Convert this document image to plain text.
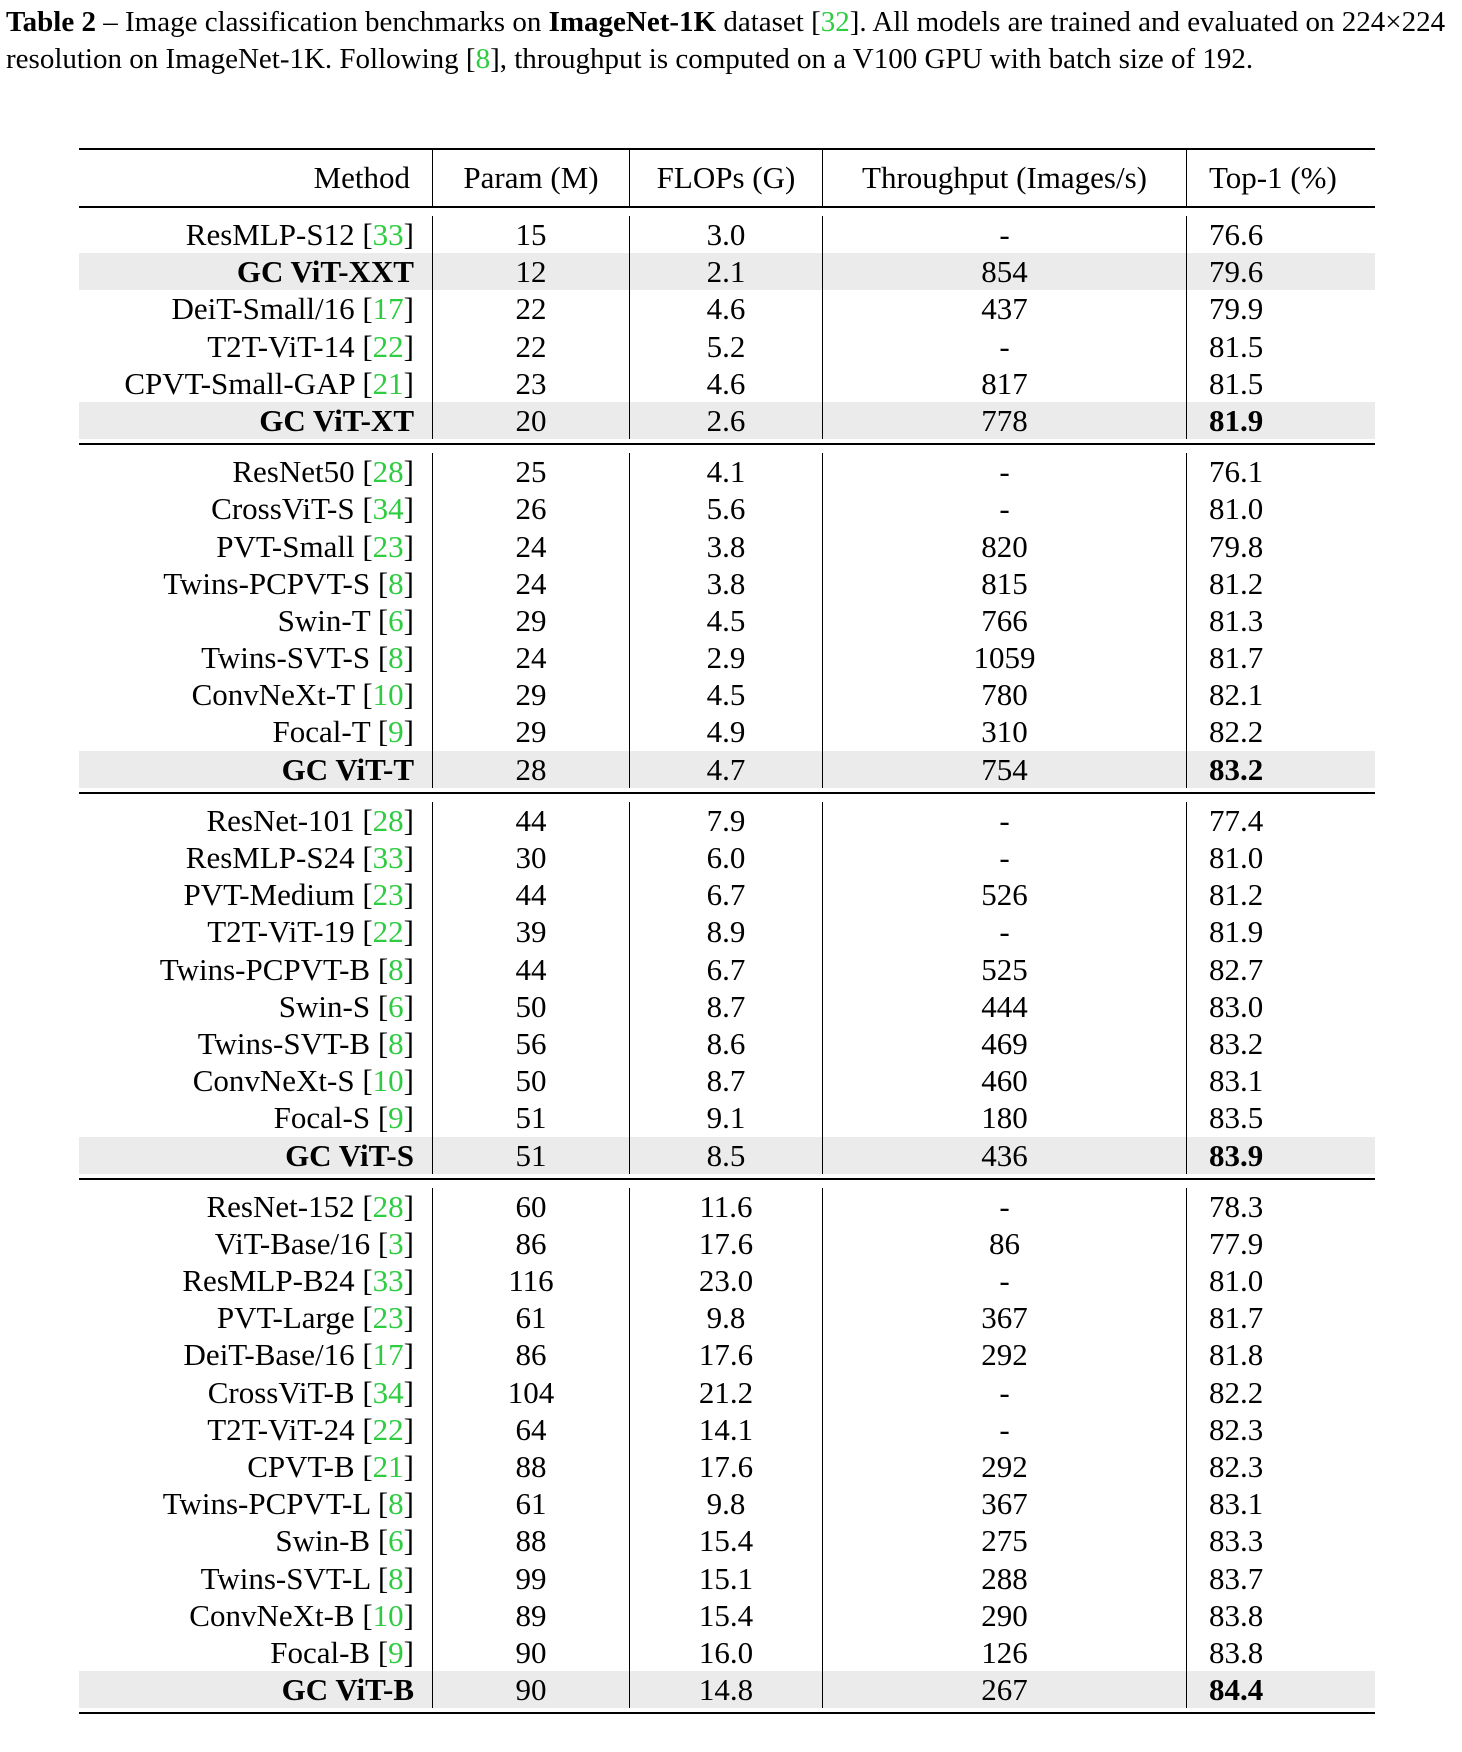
Table 2 – Image classification benchmarks on ImageNet-1K dataset [32]. All models are trained and evaluated on 224×224 resolution on ImageNet-1K. Following [8], throughput is computed on a V100 GPU with batch size of 192.
Method	Param (M)	FLOPs (G)	Throughput (Images/s)	Top-1 (%)
ResMLP-S12 [33]	15	3.0	-	76.6
GC ViT-XXT	12	2.1	854	79.6
DeiT-Small/16 [17]	22	4.6	437	79.9
T2T-ViT-14 [22]	22	5.2	-	81.5
CPVT-Small-GAP [21]	23	4.6	817	81.5
GC ViT-XT	20	2.6	778	81.9
ResNet50 [28]	25	4.1	-	76.1
CrossViT-S [34]	26	5.6	-	81.0
PVT-Small [23]	24	3.8	820	79.8
Twins-PCPVT-S [8]	24	3.8	815	81.2
Swin-T [6]	29	4.5	766	81.3
Twins-SVT-S [8]	24	2.9	1059	81.7
ConvNeXt-T [10]	29	4.5	780	82.1
Focal-T [9]	29	4.9	310	82.2
GC ViT-T	28	4.7	754	83.2
ResNet-101 [28]	44	7.9	-	77.4
ResMLP-S24 [33]	30	6.0	-	81.0
PVT-Medium [23]	44	6.7	526	81.2
T2T-ViT-19 [22]	39	8.9	-	81.9
Twins-PCPVT-B [8]	44	6.7	525	82.7
Swin-S [6]	50	8.7	444	83.0
Twins-SVT-B [8]	56	8.6	469	83.2
ConvNeXt-S [10]	50	8.7	460	83.1
Focal-S [9]	51	9.1	180	83.5
GC ViT-S	51	8.5	436	83.9
ResNet-152 [28]	60	11.6	-	78.3
ViT-Base/16 [3]	86	17.6	86	77.9
ResMLP-B24 [33]	116	23.0	-	81.0
PVT-Large [23]	61	9.8	367	81.7
DeiT-Base/16 [17]	86	17.6	292	81.8
CrossViT-B [34]	104	21.2	-	82.2
T2T-ViT-24 [22]	64	14.1	-	82.3
CPVT-B [21]	88	17.6	292	82.3
Twins-PCPVT-L [8]	61	9.8	367	83.1
Swin-B [6]	88	15.4	275	83.3
Twins-SVT-L [8]	99	15.1	288	83.7
ConvNeXt-B [10]	89	15.4	290	83.8
Focal-B [9]	90	16.0	126	83.8
GC ViT-B	90	14.8	267	84.4
